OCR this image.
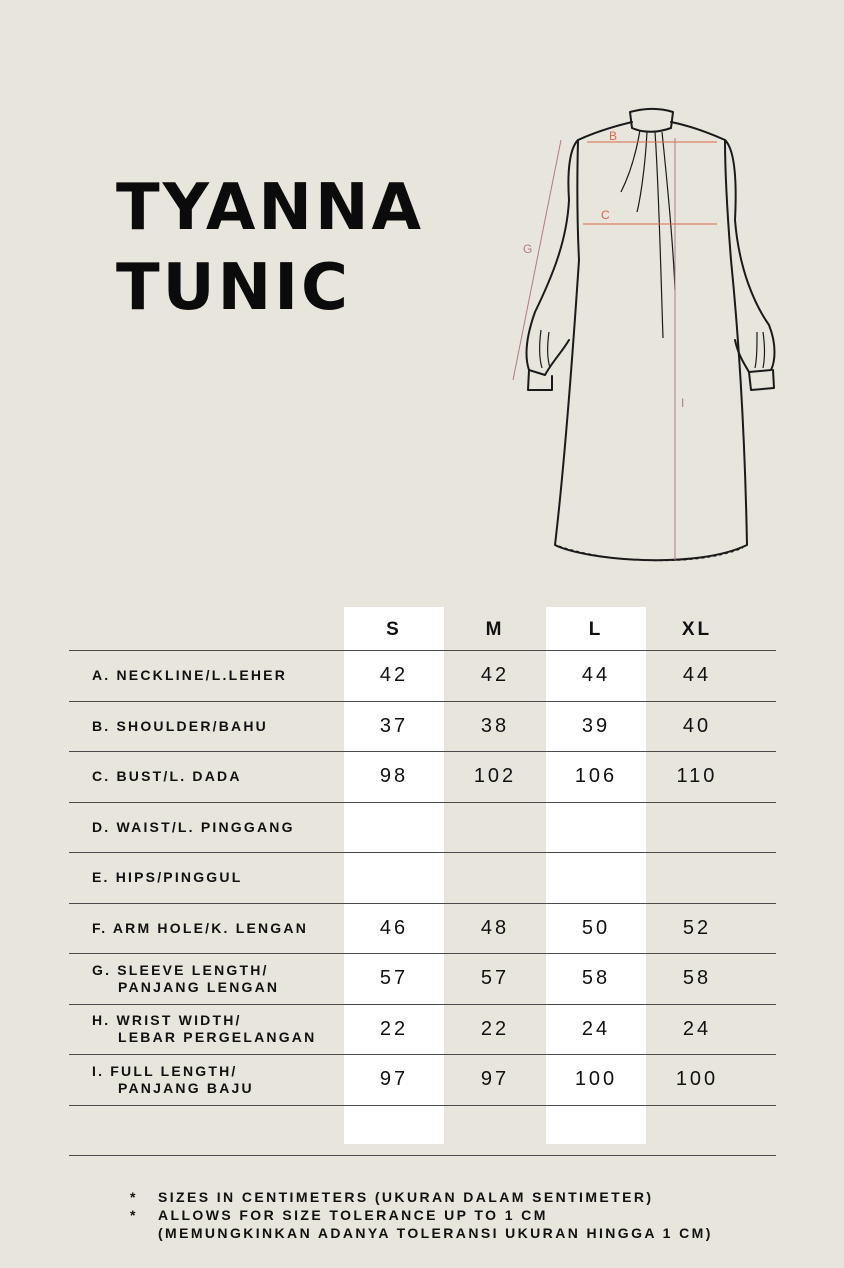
TYANNA
TUNIC
B
C
G
I
S	M	L	XL
A. NECKLINE/L.LEHER	42	42	44	44
B. SHOULDER/BAHU	37	38	39	40
C. BUST/L. DADA	98	102	106	110
D. WAIST/L. PINGGANG
E. HIPS/PINGGUL
F. ARM HOLE/K. LENGAN	46	48	50	52
G. SLEEVE LENGTH/
PANJANG LENGAN	57	57	58	58
H. WRIST WIDTH/
LEBAR PERGELANGAN	22	22	24	24
I. FULL LENGTH/
PANJANG BAJU	97	97	100	100
*	SIZES IN CENTIMETERS (UKURAN DALAM SENTIMETER)
*	ALLOWS FOR SIZE TOLERANCE UP TO 1 CM
(MEMUNGKINKAN ADANYA TOLERANSI UKURAN HINGGA 1 CM)
